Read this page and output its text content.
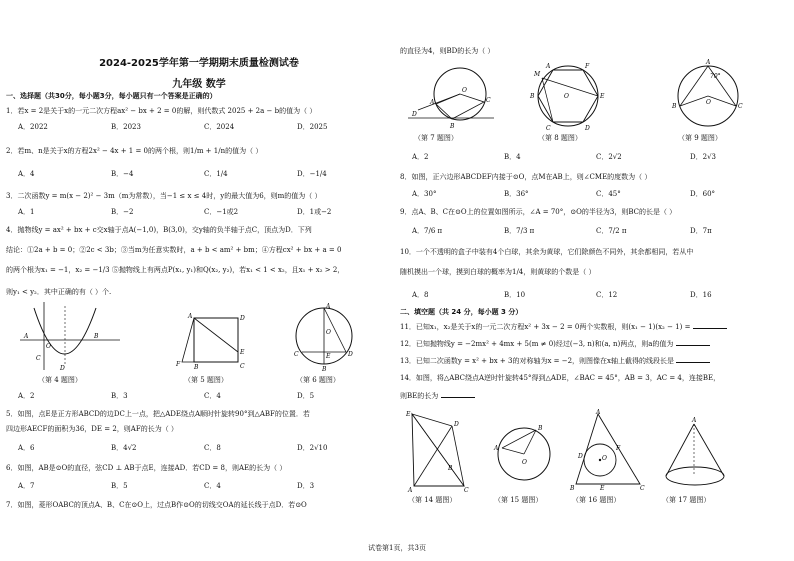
2024-2025学年第一学期期末质量检测试卷
九年级 数学
一、选择题（共30分，每小题3分，每小题只有一个答案是正确的）
1．若x = 2是关于x的一元二次方程ax² − bx + 2 = 0的解，则代数式 2025 + 2a − b的值为（ ）
A．2022	B．2023	C．2024	D．2025
2．若m、n是关于x的方程2x² − 4x + 1 = 0的两个根，则1/m + 1/n的值为（ ）
A．4	B．−4	C．1/4	D．−1/4
3．二次函数y = m(x − 2)² − 3m（m为常数），当−1 ≤ x ≤ 4时，y的最大值为6，则m的值为（ ）
A．1	B．−2	C．−1或2	D．1或−2
4．抛物线y = ax² + bx + c交x轴于点A(−1,0)，B(3,0)，交y轴的负半轴于点C，顶点为D．下列
结论：①2a + b = 0；②2c < 3b；③当m为任意实数时，a + b < am² + bm；④方程cx² + bx + a = 0
的两个根为x₁ = −1，x₂ = −1/3 ⑤抛物线上有两点P(x₁, y₁)和Q(x₂, y₂)，若x₁ < 1 < x₂，且x₁ + x₂ > 2，
则y₁ < y₂．其中正确的有（ ）个.
A	B
O
C
D
（第 4 题图）
A	D
E
C
B
F
（第 5 题图）
A
O
C	D
E
B
（第 6 题图）
A．2	B．3	C．4	D．5
5．如图，点E是正方形ABCD的边DC上一点，把△ADE绕点A顺时针旋转90°到△ABF的位置．若
四边形AECF的面积为36，DE = 2，则AF的长为（ ）
A．6	B．4√2	C．8	D．2√10
6．如图，AB是⊙O的直径，弦CD ⊥ AB于点E，连接AD．若CD = 8，则AE的长为（ ）
A．7	B．5	C．4	D．3
7．如图，菱形OABC的顶点A、B、C在⊙O上，过点B作⊙O的切线交OA的延长线于点D．若⊙O
的直径为4，则BD的长为（ ）
O
A
D
B
C
（第 7 题图）
O
A	F
E
D
C
B
M
（第 8 题图）
A
70°
O
B	C
（第 9 题图）
A．2	B．4	C．2√2	D．2√3
8．如图，正六边形ABCDEF内接于⊙O，点M在AB上，则∠CME的度数为（ ）
A．30°	B．36°	C．45°	D．60°
9．点A、B、C在⊙O上的位置如图所示，∠A = 70°，⊙O的半径为3，则BC的长是（ ）
A．7/6 π	B．7/3 π	C．7/2 π	D．7π
10．一个不透明的盒子中装有4个白球，其余为黄球，它们除颜色不同外，其余都相同，若从中
随机摸出一个球，摸到白球的概率为1/4，则黄球的个数是（ ）
A．8	B．10	C．12	D．16
二、填空题（共 24 分，每小题 3 分）
11．已知x₁，x₂是关于x的一元二次方程x² + 3x − 2 = 0两个实数根，则(x₁ − 1)(x₂ − 1) =
12．已知抛物线y = −2mx² + 4mx + 5(m ≠ 0)经过(−3, n)和(a, n)两点，则a的值为
13．已知二次函数y = x² + bx + 3的对称轴为x = −2，则图像在x轴上截得的线段长是
14．如图，将△ABC绕点A逆时针旋转45°得到△ADE，∠BAC = 45°，AB = 3，AC = 4，连接BE，
则BE的长为
E
D
A	C
B
（第 14 题图）
A
B
O
（第 15 题图）
A
O
D
F
B	E	C
（第 16 题图）
A
（第 17 题图）
试卷第1页，共3页
